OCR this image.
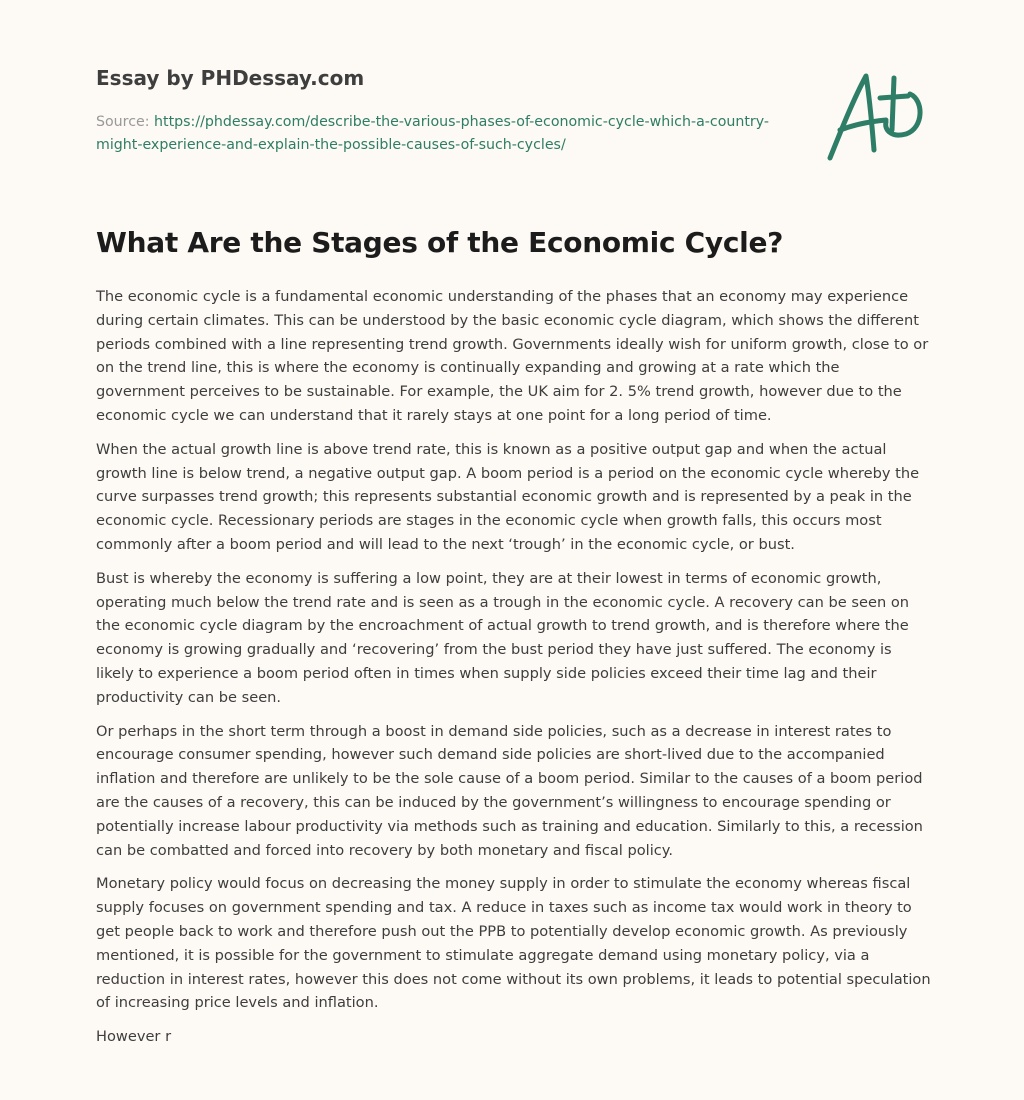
Essay by PHDessay.com
Source: https://phdessay.com/describe-the-various-phases-of-economic-cycle-which-a-country-might-experience-and-explain-the-possible-causes-of-such-cycles/
What Are the Stages of the Economic Cycle?

The economic cycle is a fundamental economic understanding of the phases that an economy may experience during certain climates. This can be understood by the basic economic cycle diagram, which shows the different periods combined with a line representing trend growth. Governments ideally wish for uniform growth, close to or on the trend line, this is where the economy is continually expanding and growing at a rate which the government perceives to be sustainable. For example, the UK aim for 2. 5% trend growth, however due to the economic cycle we can understand that it rarely stays at one point for a long period of time.

When the actual growth line is above trend rate, this is known as a positive output gap and when the actual growth line is below trend, a negative output gap. A boom period is a period on the economic cycle whereby the curve surpasses trend growth; this represents substantial economic growth and is represented by a peak in the economic cycle. Recessionary periods are stages in the economic cycle when growth falls, this occurs most commonly after a boom period and will lead to the next ‘trough’ in the economic cycle, or bust.

Bust is whereby the economy is suffering a low point, they are at their lowest in terms of economic growth, operating much below the trend rate and is seen as a trough in the economic cycle. A recovery can be seen on the economic cycle diagram by the encroachment of actual growth to trend growth, and is therefore where the economy is growing gradually and ‘recovering’ from the bust period they have just suffered. The economy is likely to experience a boom period often in times when supply side policies exceed their time lag and their productivity can be seen.

Or perhaps in the short term through a boost in demand side policies, such as a decrease in interest rates to encourage consumer spending, however such demand side policies are short-lived due to the accompanied inflation and therefore are unlikely to be the sole cause of a boom period. Similar to the causes of a boom period are the causes of a recovery, this can be induced by the government’s willingness to encourage spending or potentially increase labour productivity via methods such as training and education. Similarly to this, a recession can be combatted and forced into recovery by both monetary and fiscal policy.

Monetary policy would focus on decreasing the money supply in order to stimulate the economy whereas fiscal supply focuses on government spending and tax. A reduce in taxes such as income tax would work in theory to get people back to work and therefore push out the PPB to potentially develop economic growth. As previously mentioned, it is possible for the government to stimulate aggregate demand using monetary policy, via a reduction in interest rates, however this does not come without its own problems, it leads to potential speculation of increasing price levels and inflation.

However r
